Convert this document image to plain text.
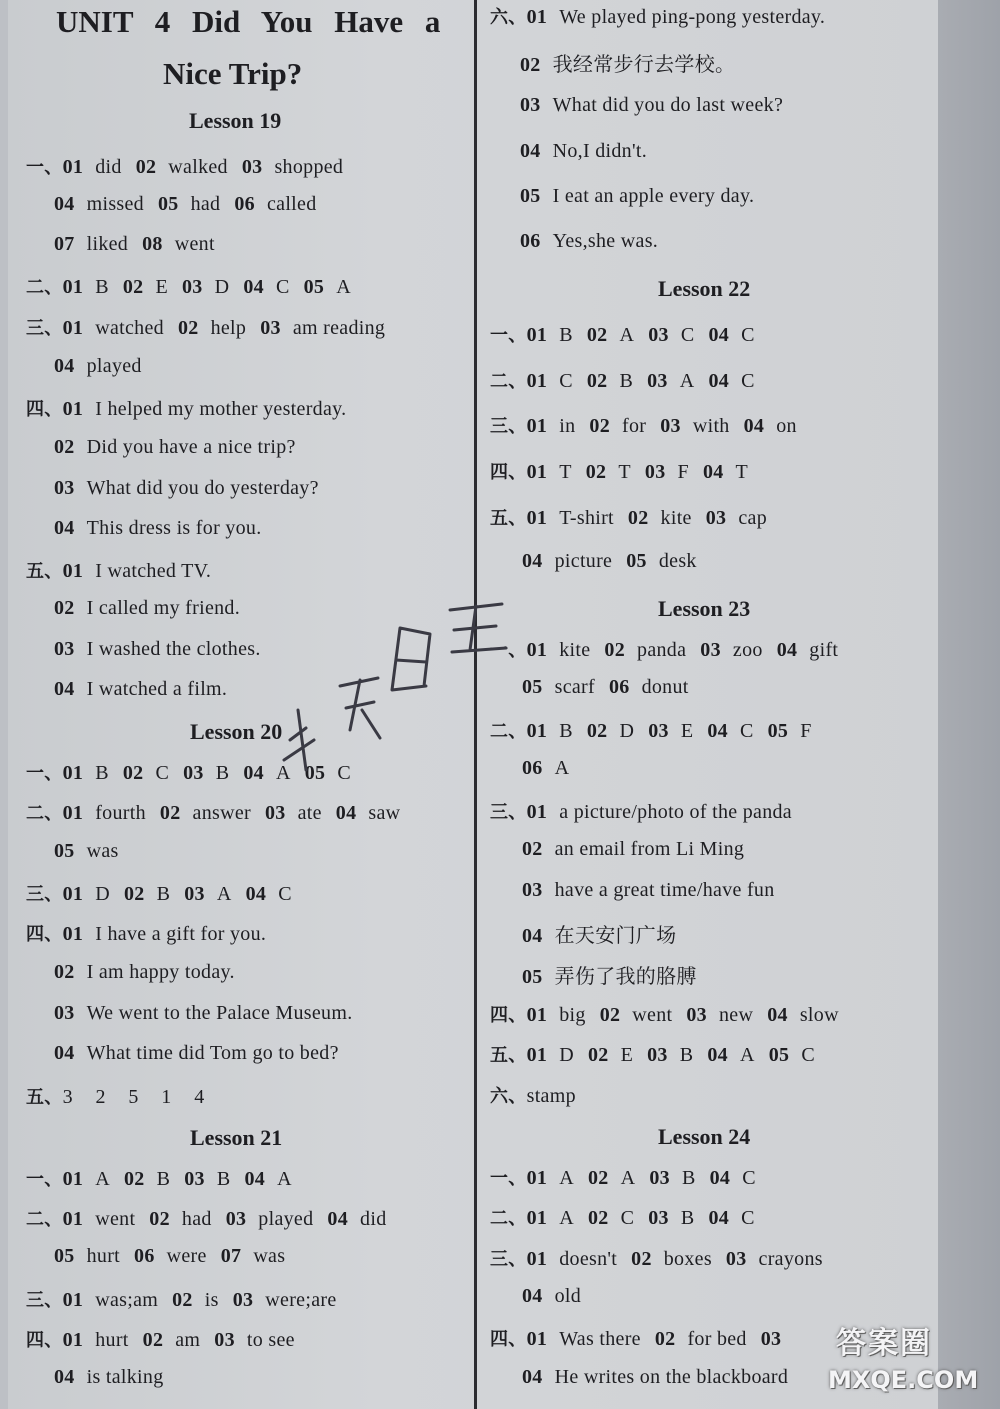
UNIT 4 Did You Have a
Nice Trip?
Lesson 19
一、01 did 02 walked 03 shopped
04 missed 05 had 06 called
07 liked 08 went
二、01 B 02 E 03 D 04 C 05 A
三、01 watched 02 help 03 am reading
04 played
四、01 I helped my mother yesterday.
02 Did you have a nice trip?
03 What did you do yesterday?
04 This dress is for you.
五、01 I watched TV.
02 I called my friend.
03 I washed the clothes.
04 I watched a film.
Lesson 20
一、01 B 02 C 03 B 04 A 05 C
二、01 fourth 02 answer 03 ate 04 saw
05 was
三、01 D 02 B 03 A 04 C
四、01 I have a gift for you.
02 I am happy today.
03 We went to the Palace Museum.
04 What time did Tom go to bed?
五、3  2  5  1  4
Lesson 21
一、01 A 02 B 03 B 04 A
二、01 went 02 had 03 played 04 did
05 hurt 06 were 07 was
三、01 was;am 02 is 03 were;are
四、01 hurt 02 am 03 to see
04 is talking
六、01 We played ping-pong yesterday.
02 我经常步行去学校。
03 What did you do last week?
04 No,I didn't.
05 I eat an apple every day.
06 Yes,she was.
Lesson 22
一、01 B 02 A 03 C 04 C
二、01 C 02 B 03 A 04 C
三、01 in 02 for 03 with 04 on
四、01 T 02 T 03 F 04 T
五、01 T-shirt 02 kite 03 cap
04 picture 05 desk
Lesson 23
一、01 kite 02 panda 03 zoo 04 gift
05 scarf 06 donut
二、01 B 02 D 03 E 04 C 05 F
06 A
三、01 a picture/photo of the panda
02 an email from Li Ming
03 have a great time/have fun
04 在天安门广场
05 弄伤了我的胳膊
四、01 big 02 went 03 new 04 slow
五、01 D 02 E 03 B 04 A 05 C
六、stamp
Lesson 24
一、01 A 02 A 03 B 04 C
二、01 A 02 C 03 B 04 C
三、01 doesn't 02 boxes 03 crayons
04 old
四、01 Was there 02 for bed 03
04 He writes on the blackboard
答案圈
MXQE.COM
